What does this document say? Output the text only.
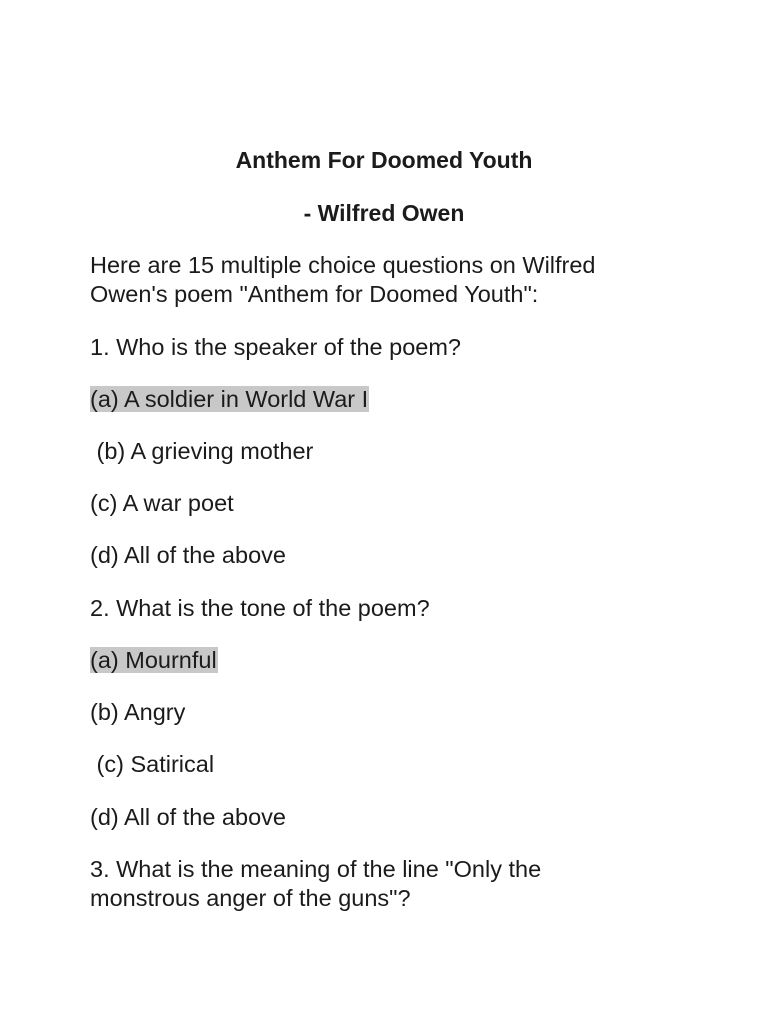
Anthem For Doomed Youth
- Wilfred Owen

Here are 15 multiple choice questions on Wilfred Owen's poem "Anthem for Doomed Youth":

1. Who is the speaker of the poem?

(a) A soldier in World War I

(b) A grieving mother

(c) A war poet

(d) All of the above

2. What is the tone of the poem?

(a) Mournful

(b) Angry

(c) Satirical

(d) All of the above

3. What is the meaning of the line "Only the monstrous anger of the guns"?
